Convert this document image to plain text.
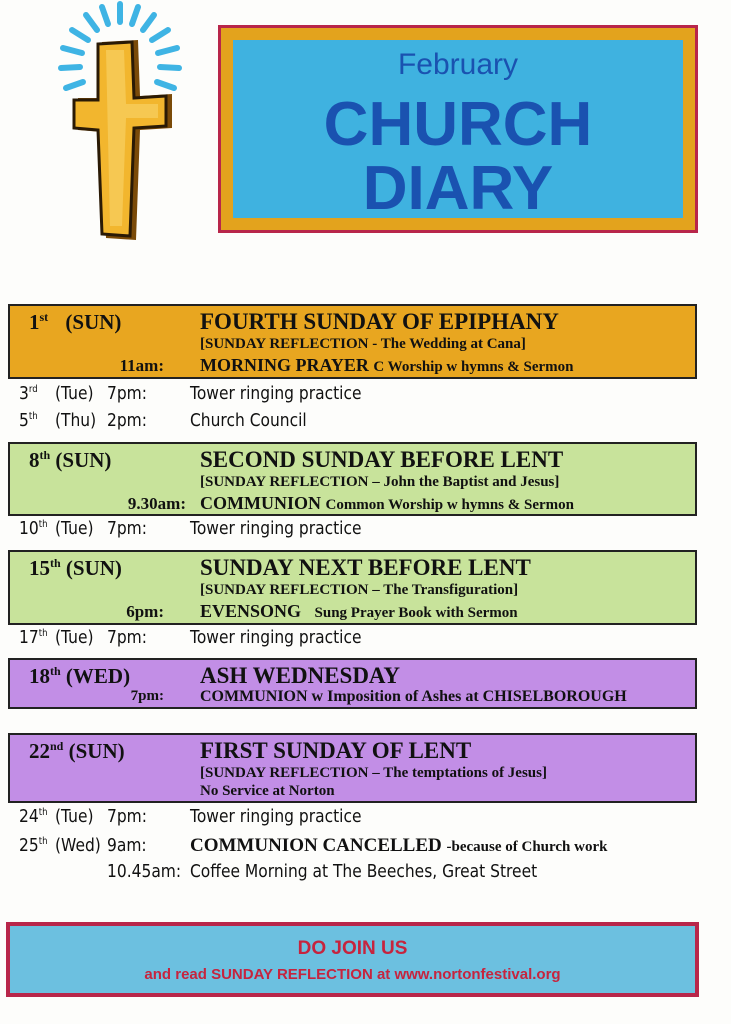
February
CHURCH
DIARY
1st (SUN)	FOURTH SUNDAY OF EPIPHANY
[SUNDAY REFLECTION - The Wedding at Cana]
11am: MORNING PRAYER C Worship w hymns & Sermon
3rd (Tue) 7pm: Tower ringing practice
5th (Thu) 2pm: Church Council
8th (SUN)	SECOND SUNDAY BEFORE LENT
[SUNDAY REFLECTION – John the Baptist and Jesus]
9.30am: COMMUNION Common Worship w hymns & Sermon
10th (Tue) 7pm: Tower ringing practice
15th (SUN)	SUNDAY NEXT BEFORE LENT
[SUNDAY REFLECTION – The Transfiguration]
6pm: EVENSONG Sung Prayer Book with Sermon
17th (Tue) 7pm: Tower ringing practice
18th (WED)	ASH WEDNESDAY
7pm: COMMUNION w Imposition of Ashes at CHISELBOROUGH
22nd (SUN)	FIRST SUNDAY OF LENT
[SUNDAY REFLECTION – The temptations of Jesus]
No Service at Norton
24th (Tue) 7pm: Tower ringing practice
25th (Wed) 9am: COMMUNION CANCELLED -because of Church work
10.45am: Coffee Morning at The Beeches, Great Street
DO JOIN US
and read SUNDAY REFLECTION at www.nortonfestival.org
